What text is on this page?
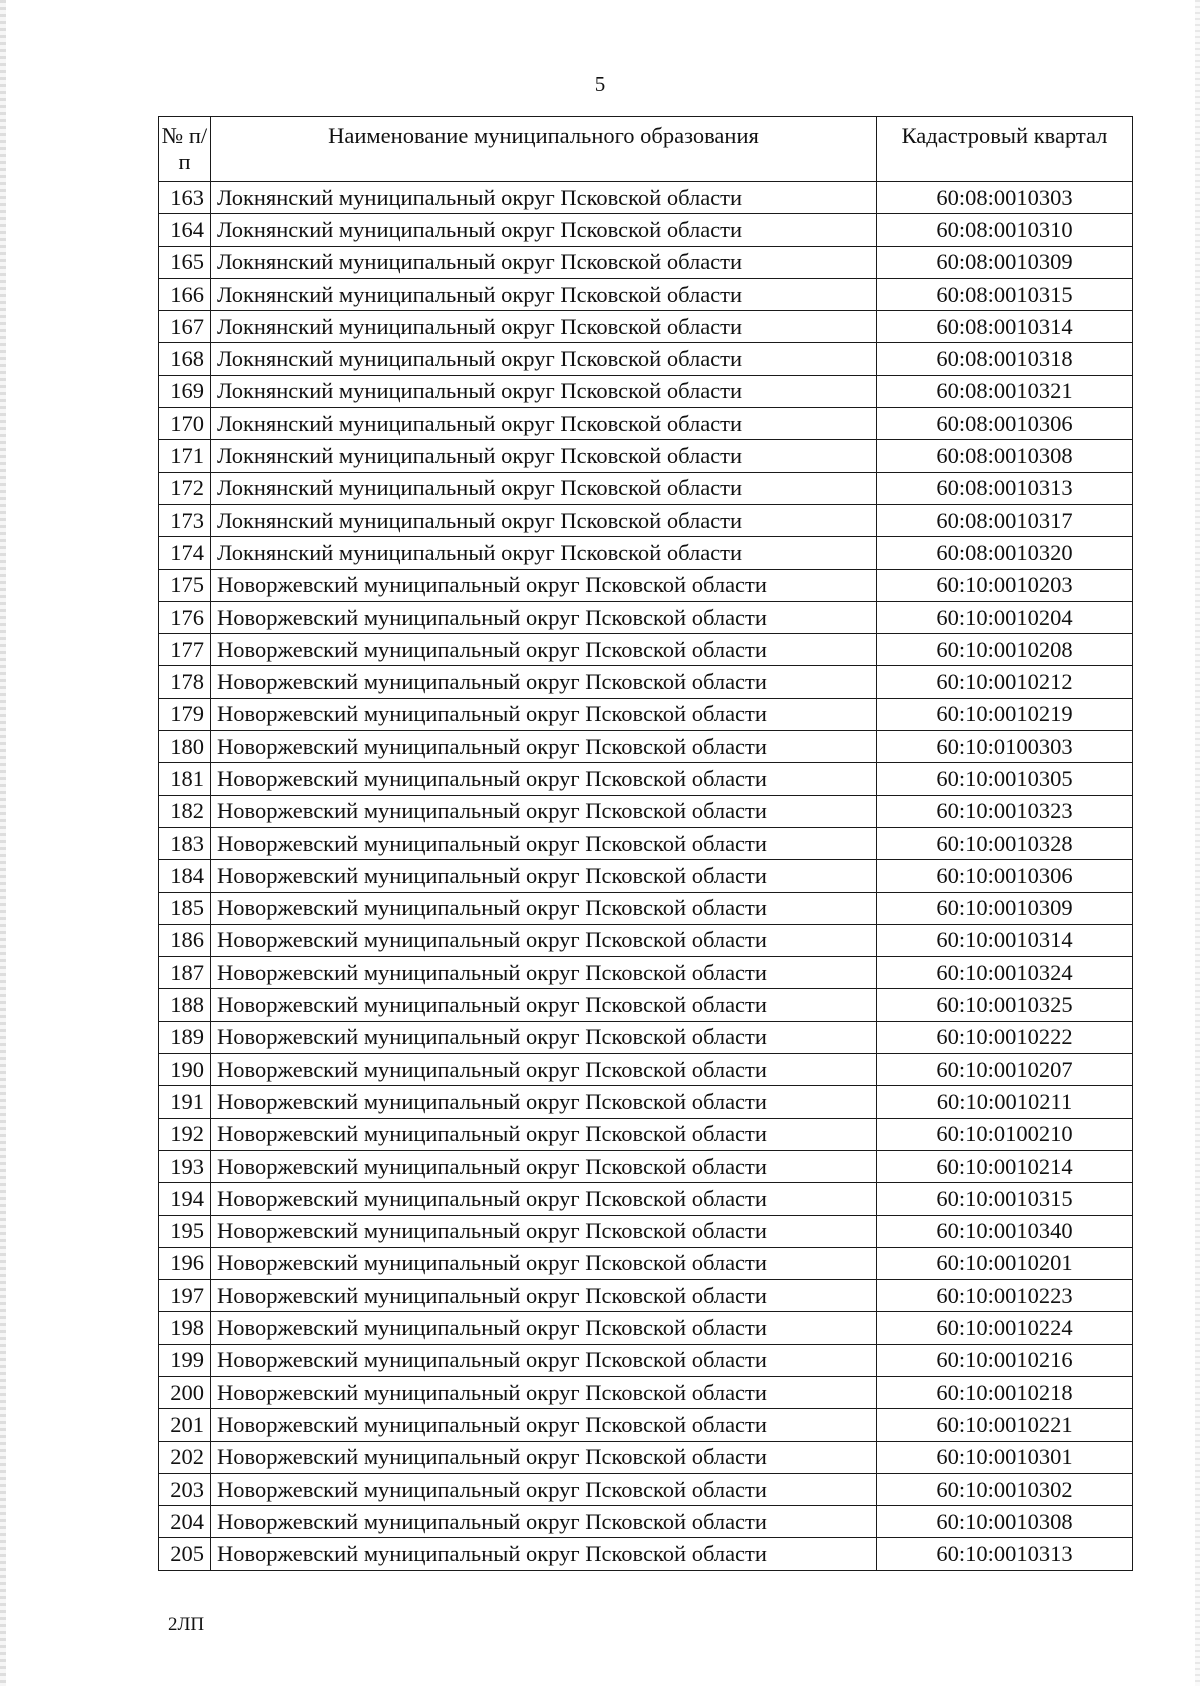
5
№ п/п	Наименование муниципального образования	Кадастровый квартал
163	Локнянский муниципальный округ Псковской области	60:08:0010303
164	Локнянский муниципальный округ Псковской области	60:08:0010310
165	Локнянский муниципальный округ Псковской области	60:08:0010309
166	Локнянский муниципальный округ Псковской области	60:08:0010315
167	Локнянский муниципальный округ Псковской области	60:08:0010314
168	Локнянский муниципальный округ Псковской области	60:08:0010318
169	Локнянский муниципальный округ Псковской области	60:08:0010321
170	Локнянский муниципальный округ Псковской области	60:08:0010306
171	Локнянский муниципальный округ Псковской области	60:08:0010308
172	Локнянский муниципальный округ Псковской области	60:08:0010313
173	Локнянский муниципальный округ Псковской области	60:08:0010317
174	Локнянский муниципальный округ Псковской области	60:08:0010320
175	Новоржевский муниципальный округ Псковской области	60:10:0010203
176	Новоржевский муниципальный округ Псковской области	60:10:0010204
177	Новоржевский муниципальный округ Псковской области	60:10:0010208
178	Новоржевский муниципальный округ Псковской области	60:10:0010212
179	Новоржевский муниципальный округ Псковской области	60:10:0010219
180	Новоржевский муниципальный округ Псковской области	60:10:0100303
181	Новоржевский муниципальный округ Псковской области	60:10:0010305
182	Новоржевский муниципальный округ Псковской области	60:10:0010323
183	Новоржевский муниципальный округ Псковской области	60:10:0010328
184	Новоржевский муниципальный округ Псковской области	60:10:0010306
185	Новоржевский муниципальный округ Псковской области	60:10:0010309
186	Новоржевский муниципальный округ Псковской области	60:10:0010314
187	Новоржевский муниципальный округ Псковской области	60:10:0010324
188	Новоржевский муниципальный округ Псковской области	60:10:0010325
189	Новоржевский муниципальный округ Псковской области	60:10:0010222
190	Новоржевский муниципальный округ Псковской области	60:10:0010207
191	Новоржевский муниципальный округ Псковской области	60:10:0010211
192	Новоржевский муниципальный округ Псковской области	60:10:0100210
193	Новоржевский муниципальный округ Псковской области	60:10:0010214
194	Новоржевский муниципальный округ Псковской области	60:10:0010315
195	Новоржевский муниципальный округ Псковской области	60:10:0010340
196	Новоржевский муниципальный округ Псковской области	60:10:0010201
197	Новоржевский муниципальный округ Псковской области	60:10:0010223
198	Новоржевский муниципальный округ Псковской области	60:10:0010224
199	Новоржевский муниципальный округ Псковской области	60:10:0010216
200	Новоржевский муниципальный округ Псковской области	60:10:0010218
201	Новоржевский муниципальный округ Псковской области	60:10:0010221
202	Новоржевский муниципальный округ Псковской области	60:10:0010301
203	Новоржевский муниципальный округ Псковской области	60:10:0010302
204	Новоржевский муниципальный округ Псковской области	60:10:0010308
205	Новоржевский муниципальный округ Псковской области	60:10:0010313
2ЛП
